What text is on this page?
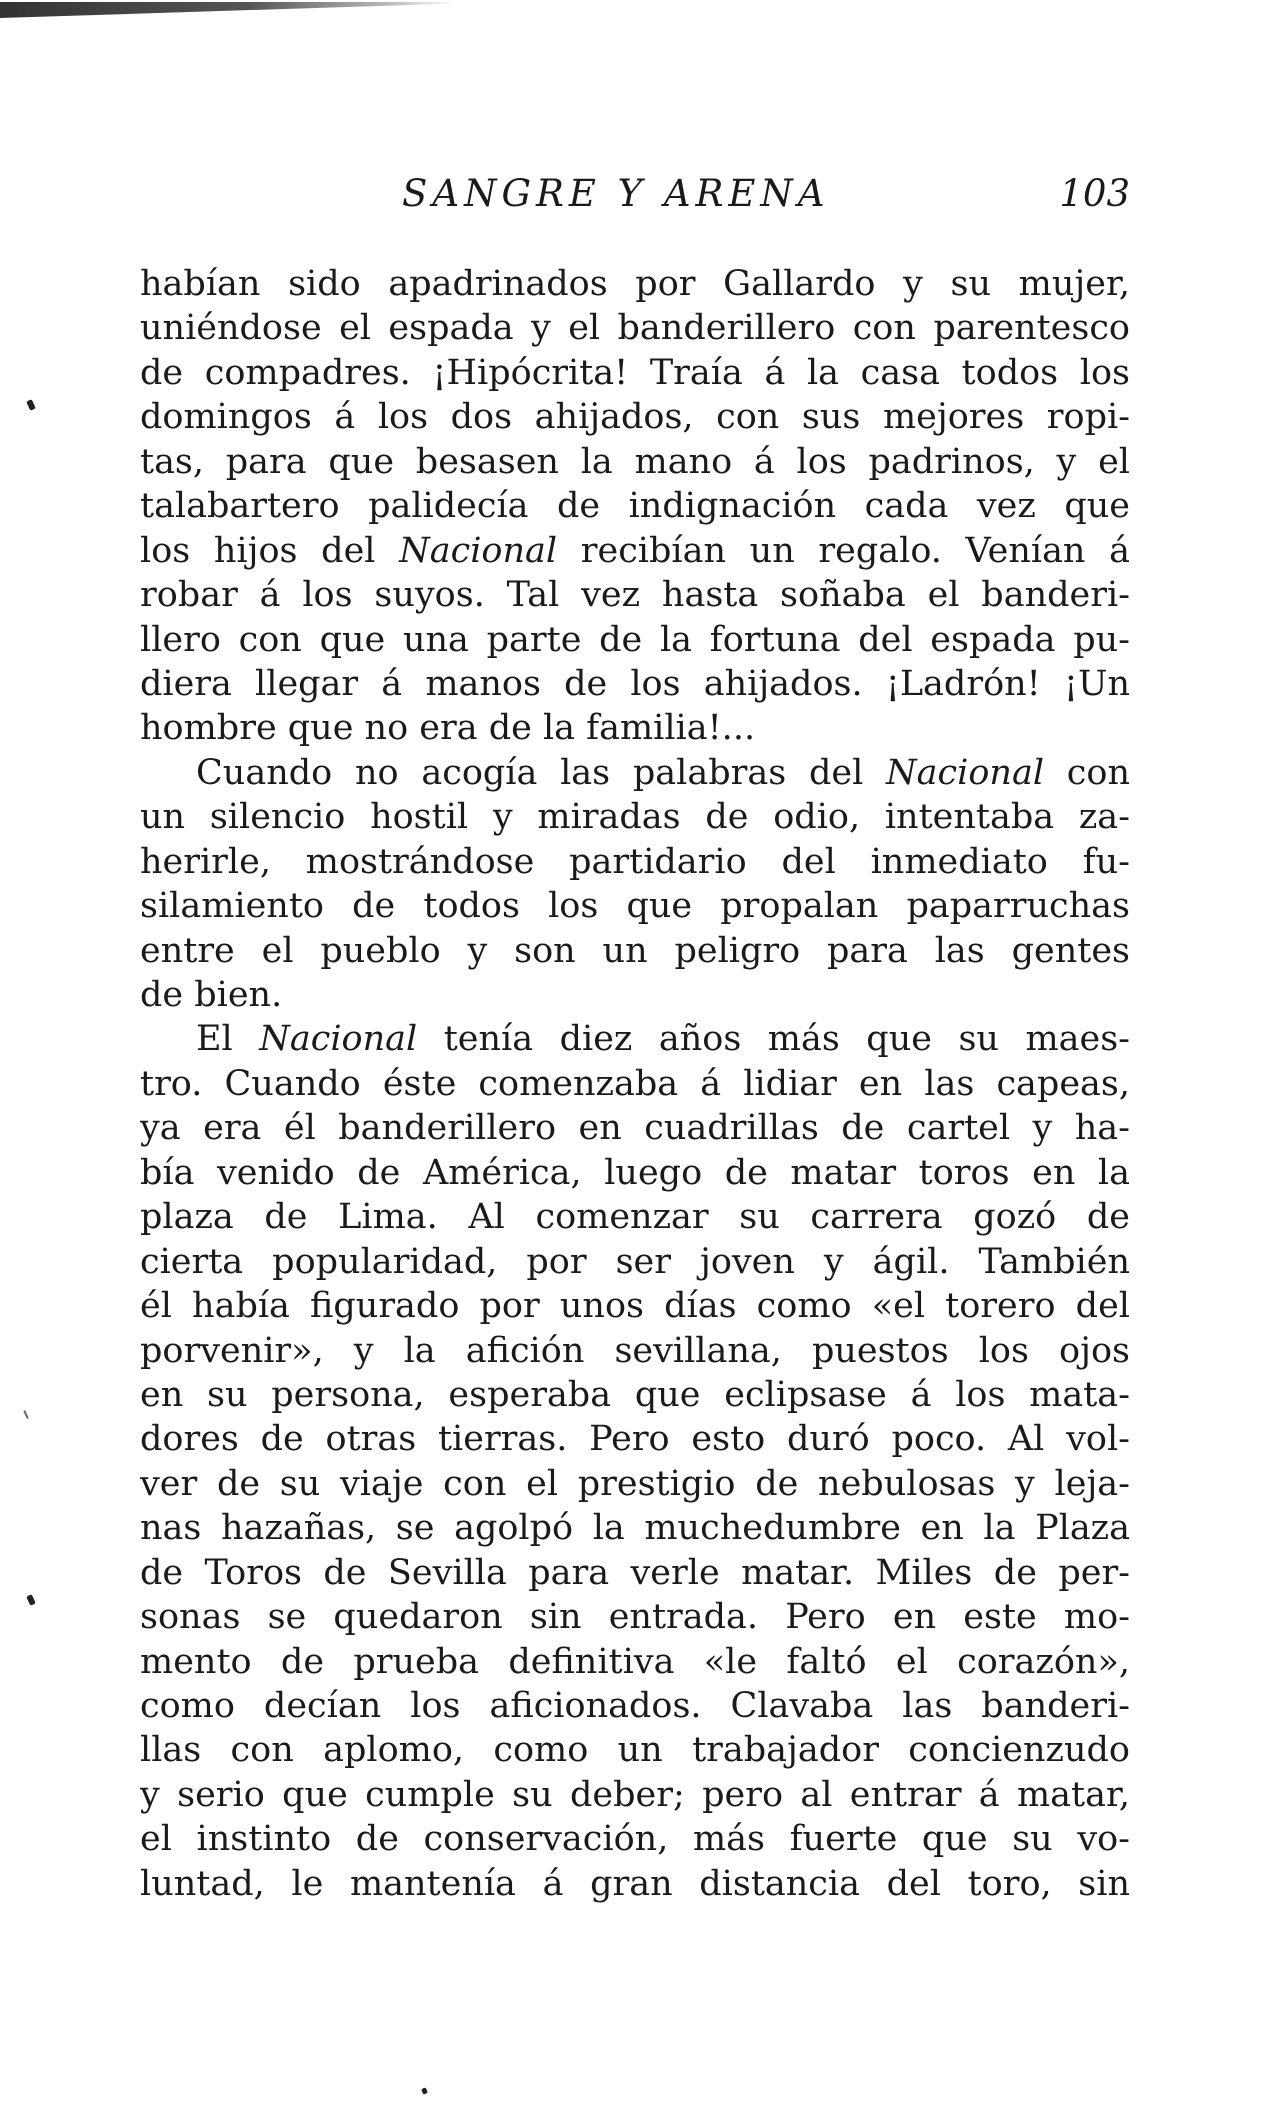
SANGRE Y ARENA	103
habían sido apadrinados por Gallardo y su mujer,
uniéndose el espada y el banderillero con parentesco
de compadres. ¡Hipócrita! Traía á la casa todos los
domingos á los dos ahijados, con sus mejores ropi-
tas, para que besasen la mano á los padrinos, y el
talabartero palidecía de indignación cada vez que
los hijos del Nacional recibían un regalo. Venían á
robar á los suyos. Tal vez hasta soñaba el banderi-
llero con que una parte de la fortuna del espada pu-
diera llegar á manos de los ahijados. ¡Ladrón! ¡Un
hombre que no era de la familia!...
Cuando no acogía las palabras del Nacional con
un silencio hostil y miradas de odio, intentaba za-
herirle, mostrándose partidario del inmediato fu-
silamiento de todos los que propalan paparruchas
entre el pueblo y son un peligro para las gentes
de bien.
El Nacional tenía diez años más que su maes-
tro. Cuando éste comenzaba á lidiar en las capeas,
ya era él banderillero en cuadrillas de cartel y ha-
bía venido de América, luego de matar toros en la
plaza de Lima. Al comenzar su carrera gozó de
cierta popularidad, por ser joven y ágil. También
él había figurado por unos días como «el torero del
porvenir», y la afición sevillana, puestos los ojos
en su persona, esperaba que eclipsase á los mata-
dores de otras tierras. Pero esto duró poco. Al vol-
ver de su viaje con el prestigio de nebulosas y leja-
nas hazañas, se agolpó la muchedumbre en la Plaza
de Toros de Sevilla para verle matar. Miles de per-
sonas se quedaron sin entrada. Pero en este mo-
mento de prueba definitiva «le faltó el corazón»,
como decían los aficionados. Clavaba las banderi-
llas con aplomo, como un trabajador concienzudo
y serio que cumple su deber; pero al entrar á matar,
el instinto de conservación, más fuerte que su vo-
luntad, le mantenía á gran distancia del toro, sin
